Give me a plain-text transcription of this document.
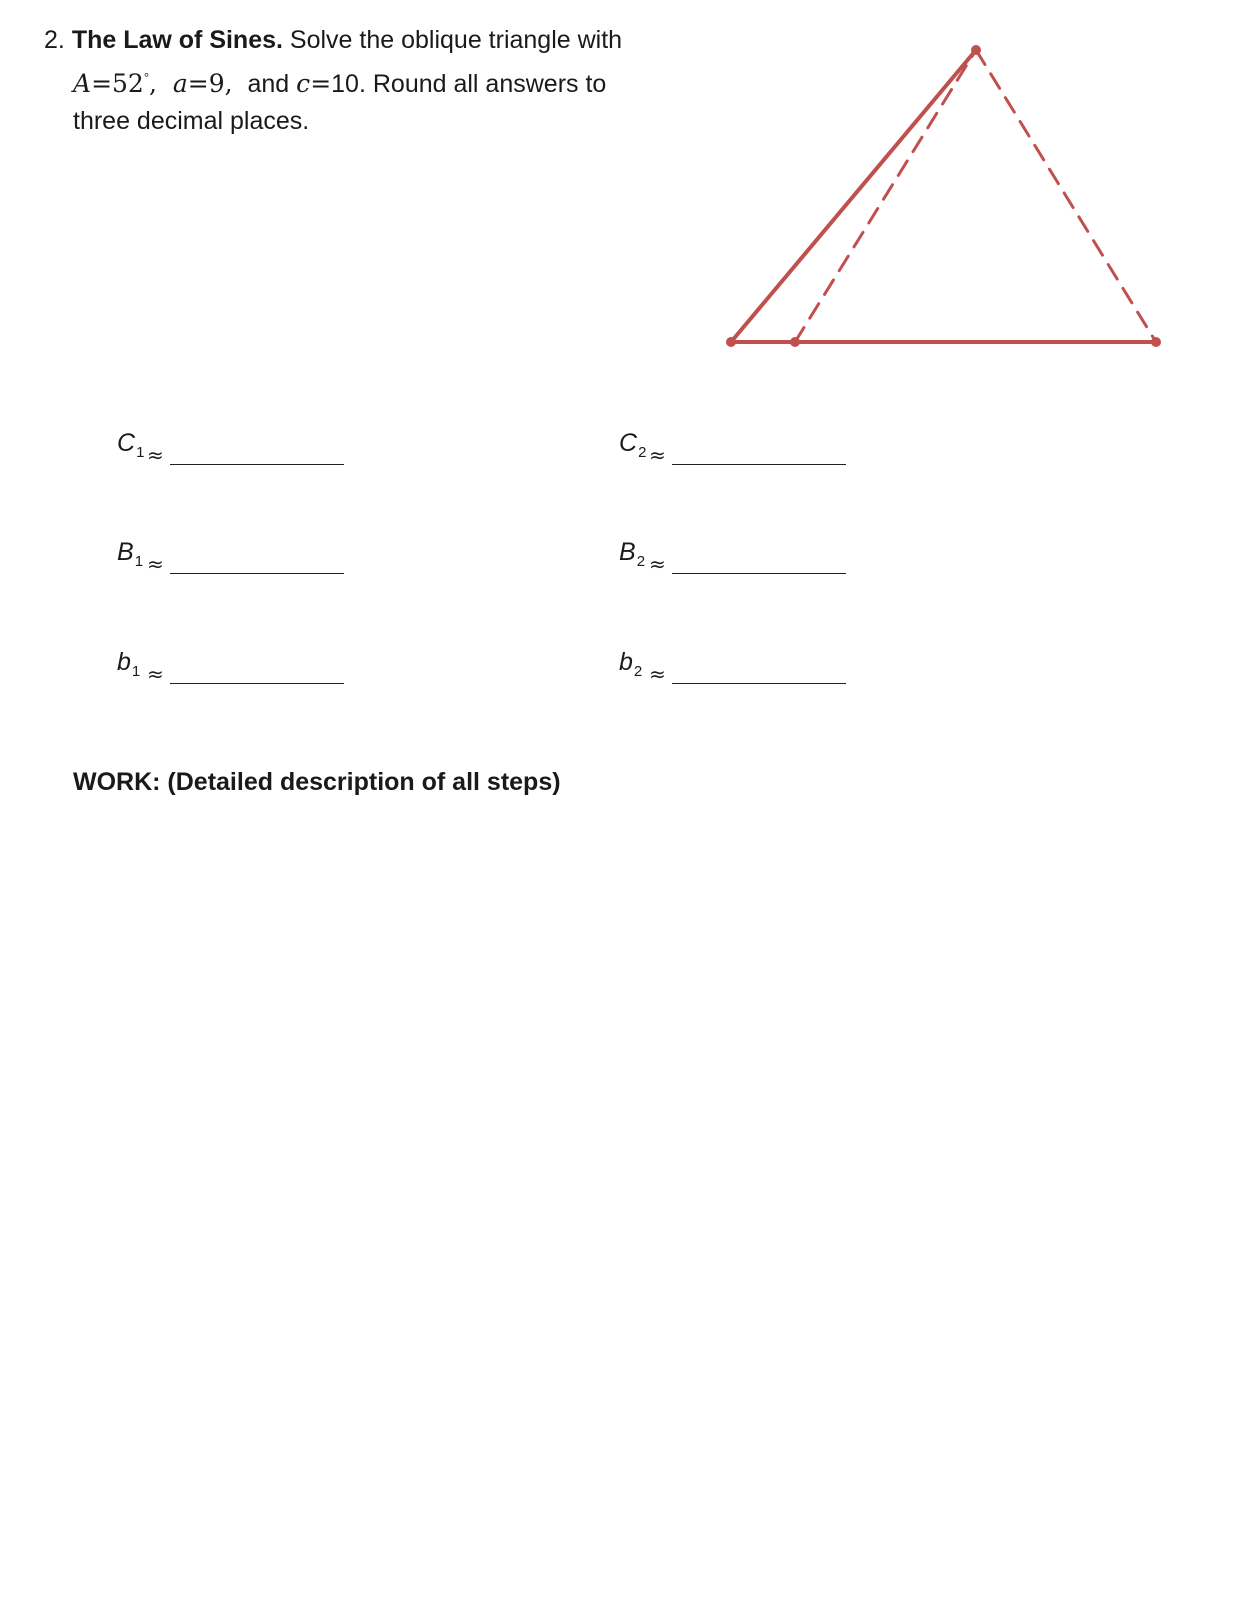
2. The Law of Sines. Solve the oblique triangle with
A=52°,  a=9,  and c=10. Round all answers to
three decimal places.
$C_1$ ≈	$C_2$ ≈
$B_1$ ≈	$B_2$ ≈
$b_1$ ≈	$b_2$ ≈
WORK: (Detailed description of all steps)
